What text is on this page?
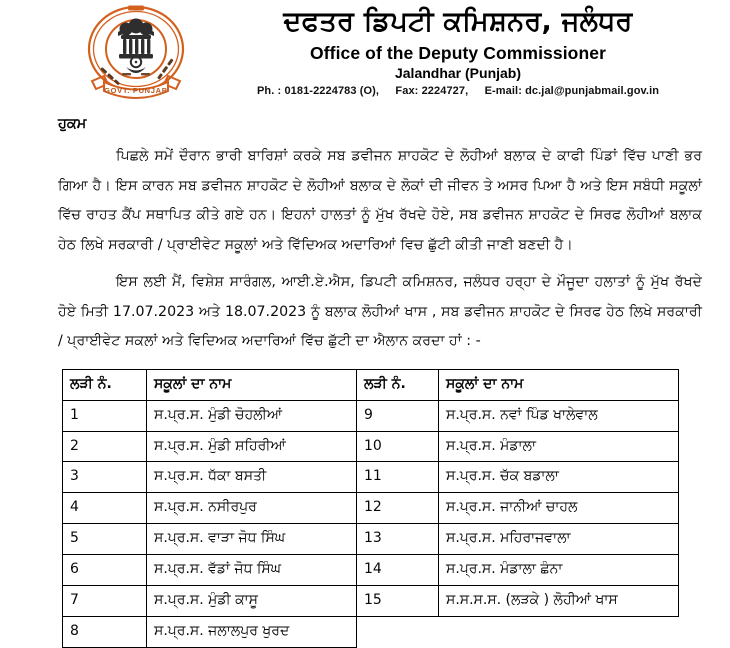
GOVT. PUNJAB
ਦਫਤਰ ਡਿਪਟੀ ਕਮਿਸ਼ਨਰ, ਜਲੰਧਰ
Office of the Deputy Commissioner
Jalandhar (Punjab)
Ph. : 0181-2224783 (O), Fax: 2224727, E-mail: dc.jal@punjabmail.gov.in
ਹੁਕਮ

ਪਿਛਲੇ ਸਮੇਂ ਦੌਰਾਨ ਭਾਰੀ ਬਾਰਿਸ਼ਾਂ ਕਰਕੇ ਸਬ ਡਵੀਜਨ ਸ਼ਾਹਕੋਟ ਦੇ ਲੋਹੀਆਂ ਬਲਾਕ ਦੇ ਕਾਫੀ ਪਿੰਡਾਂ ਵਿੱਚ ਪਾਣੀ ਭਰ ਗਿਆ ਹੈ। ਇਸ ਕਾਰਨ ਸਬ ਡਵੀਜਨ ਸ਼ਾਹਕੋਟ ਦੇ ਲੋਹੀਆਂ ਬਲਾਕ ਦੇ ਲੋਕਾਂ ਦੀ ਜੀਵਨ ਤੇ ਅਸਰ ਪਿਆ ਹੈ ਅਤੇ ਇਸ ਸਬੰਧੀ ਸਕੂਲਾਂ ਵਿੱਚ ਰਾਹਤ ਕੈਂਪ ਸਥਾਪਿਤ ਕੀਤੇ ਗਏ ਹਨ। ਇਹਨਾਂ ਹਾਲਤਾਂ ਨੂੰ ਮੁੱਖ ਰੱਖਦੇ ਹੋਏ, ਸਬ ਡਵੀਜਨ ਸ਼ਾਹਕੋਟ ਦੇ ਸਿਰਫ ਲੋਹੀਆਂ ਬਲਾਕ ਹੇਠ ਲਿਖੇ ਸਰਕਾਰੀ / ਪ੍ਰਾਈਵੇਟ ਸਕੂਲਾਂ ਅਤੇ ਵਿੱਦਿਅਕ ਅਦਾਰਿਆਂ ਵਿਚ ਛੁੱਟੀ ਕੀਤੀ ਜਾਣੀ ਬਣਦੀ ਹੈ।

ਇਸ ਲਈ ਮੈਂ, ਵਿਸ਼ੇਸ਼ ਸਾਰੰਗਲ, ਆਈ.ਏ.ਐਸ, ਡਿਪਟੀ ਕਮਿਸ਼ਨਰ, ਜਲੰਧਰ ਹਰ੍ਹਾ ਦੇ ਮੌਜੂਦਾ ਹਲਾਤਾਂ ਨੂੰ ਮੁੱਖ ਰੱਖਦੇ ਹੋਏ ਮਿਤੀ 17.07.2023 ਅਤੇ 18.07.2023 ਨੂੰ ਬਲਾਕ ਲੋਹੀਆਂ ਖਾਸ , ਸਬ ਡਵੀਜਨ ਸ਼ਾਹਕੋਟ ਦੇ ਸਿਰਫ ਹੇਠ ਲਿਖੇ ਸਰਕਾਰੀ / ਪ੍ਰਾਈਵੇਟ ਸਕਲਾਂ ਅਤੇ ਵਿਦਿਅਕ ਅਦਾਰਿਆਂ ਵਿੱਚ ਛੁੱਟੀ ਦਾ ਐਲਾਨ ਕਰਦਾ ਹਾਂ : -

ਲੜੀ ਨੰ.	ਸਕੂਲਾਂ ਦਾ ਨਾਮ	ਲੜੀ ਨੰ.	ਸਕੂਲਾਂ ਦਾ ਨਾਮ
1	ਸ.ਪ੍ਰ.ਸ. ਮੁੰਡੀ ਚੋਹਲੀਆਂ	9	ਸ.ਪ੍ਰ.ਸ. ਨਵਾਂ ਪਿੰਡ ਖਾਲੇਵਾਲ
2	ਸ.ਪ੍ਰ.ਸ. ਮੁੰਡੀ ਸ਼ਹਿਰੀਆਂ	10	ਸ.ਪ੍ਰ.ਸ. ਮੰਡਾਲਾ
3	ਸ.ਪ੍ਰ.ਸ. ਧੱਕਾ ਬਸਤੀ	11	ਸ.ਪ੍ਰ.ਸ. ਚੱਕ ਬਡਾਲਾ
4	ਸ.ਪ੍ਰ.ਸ. ਨਸੀਰਪੁਰ	12	ਸ.ਪ੍ਰ.ਸ. ਜਾਨੀਆਂ ਚਾਹਲ
5	ਸ.ਪ੍ਰ.ਸ. ਵਾੜਾ ਜੋਧ ਸਿੰਘ	13	ਸ.ਪ੍ਰ.ਸ. ਮਹਿਰਾਜਵਾਲਾ
6	ਸ.ਪ੍ਰ.ਸ. ਵੱਡਾਂ ਜੋਧ ਸਿੰਘ	14	ਸ.ਪ੍ਰ.ਸ. ਮੰਡਾਲਾ ਛੰਨਾ
7	ਸ.ਪ੍ਰ.ਸ. ਮੁੰਡੀ ਕਾਸੂ	15	ਸ.ਸ.ਸ.ਸ. (ਲੜਕੇ ) ਲੋਹੀਆਂ ਖਾਸ
8	ਸ.ਪ੍ਰ.ਸ. ਜਲਾਲਪੁਰ ਖੁਰਦ		
